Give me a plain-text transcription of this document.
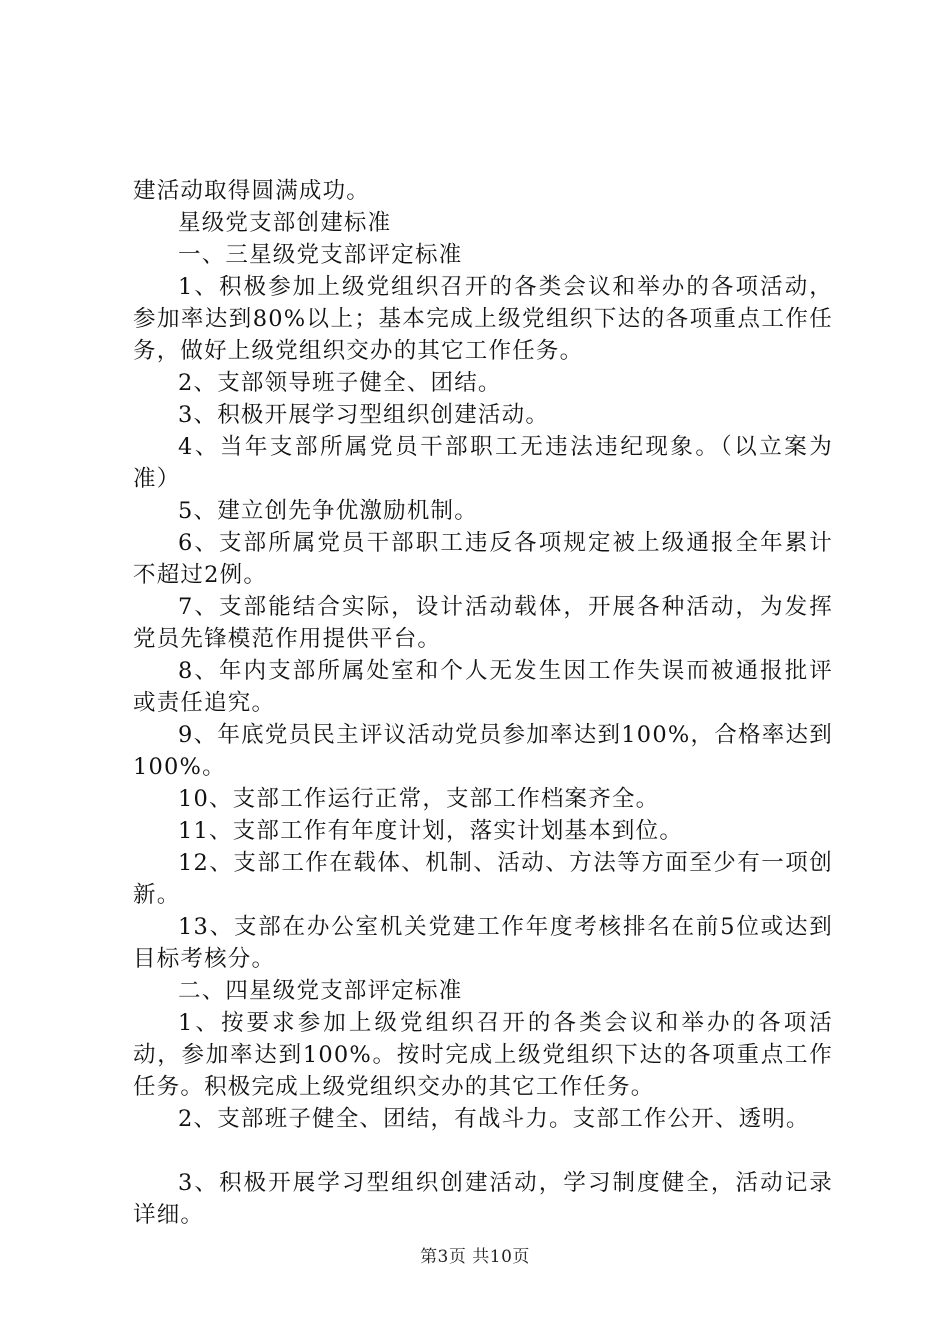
建活动取得圆满成功。

星级党支部创建标准

一、三星级党支部评定标准

1、积极参加上级党组织召开的各类会议和举办的各项活动，参加率达到80%以上；基本完成上级党组织下达的各项重点工作任务，做好上级党组织交办的其它工作任务。

2、支部领导班子健全、团结。

3、积极开展学习型组织创建活动。

4、当年支部所属党员干部职工无违法违纪现象。（以立案为准）

5、建立创先争优激励机制。

6、支部所属党员干部职工违反各项规定被上级通报全年累计不超过2例。

7、支部能结合实际，设计活动载体，开展各种活动，为发挥党员先锋模范作用提供平台。

8、年内支部所属处室和个人无发生因工作失误而被通报批评或责任追究。

9、年底党员民主评议活动党员参加率达到100%，合格率达到100%。

10、支部工作运行正常，支部工作档案齐全。

11、支部工作有年度计划，落实计划基本到位。

12、支部工作在载体、机制、活动、方法等方面至少有一项创新。

13、支部在办公室机关党建工作年度考核排名在前5位或达到目标考核分。

二、四星级党支部评定标准

1、按要求参加上级党组织召开的各类会议和举办的各项活动，参加率达到100%。按时完成上级党组织下达的各项重点工作任务。积极完成上级党组织交办的其它工作任务。

2、支部班子健全、团结，有战斗力。支部工作公开、透明。

3、积极开展学习型组织创建活动，学习制度健全，活动记录详细。

第3页 共10页
